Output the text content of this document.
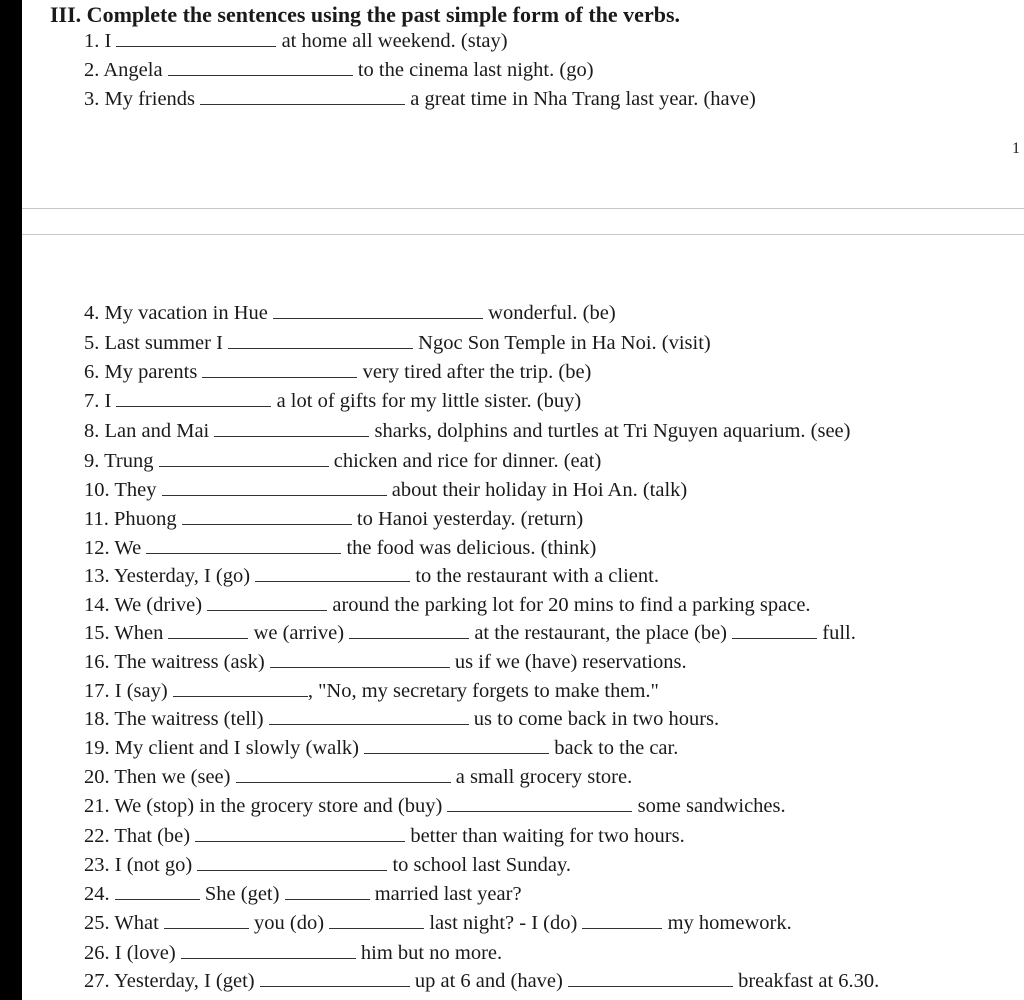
III. Complete the sentences using the past simple form of the verbs.
1
1. I	at home all weekend. (stay)
2. Angela	to the cinema last night. (go)
3. My friends	a great time in Nha Trang last year. (have)
4. My vacation in Hue	wonderful. (be)
5. Last summer I	Ngoc Son Temple in Ha Noi. (visit)
6. My parents	very tired after the trip. (be)
7. I	a lot of gifts for my little sister. (buy)
8. Lan and Mai	sharks, dolphins and turtles at Tri Nguyen aquarium. (see)
9. Trung	chicken and rice for dinner. (eat)
10. They	about their holiday in Hoi An. (talk)
11. Phuong	to Hanoi yesterday. (return)
12. We	the food was delicious. (think)
13. Yesterday, I (go)	to the restaurant with a client.
14. We (drive)	around the parking lot for 20 mins to find a parking space.
15. When	we (arrive)	at the restaurant, the place (be)	full.
16. The waitress (ask)	us if we (have) reservations.
17. I (say)	, "No, my secretary forgets to make them."
18. The waitress (tell)	us to come back in two hours.
19. My client and I slowly (walk)	back to the car.
20. Then we (see)	a small grocery store.
21. We (stop) in the grocery store and (buy)	some sandwiches.
22. That (be)	better than waiting for two hours.
23. I (not go)	to school last Sunday.
24.	She (get)	married last year?
25. What	you (do)	last night? - I (do)	my homework.
26. I (love)	him but no more.
27. Yesterday, I (get)	up at 6 and (have)	breakfast at 6.30.
